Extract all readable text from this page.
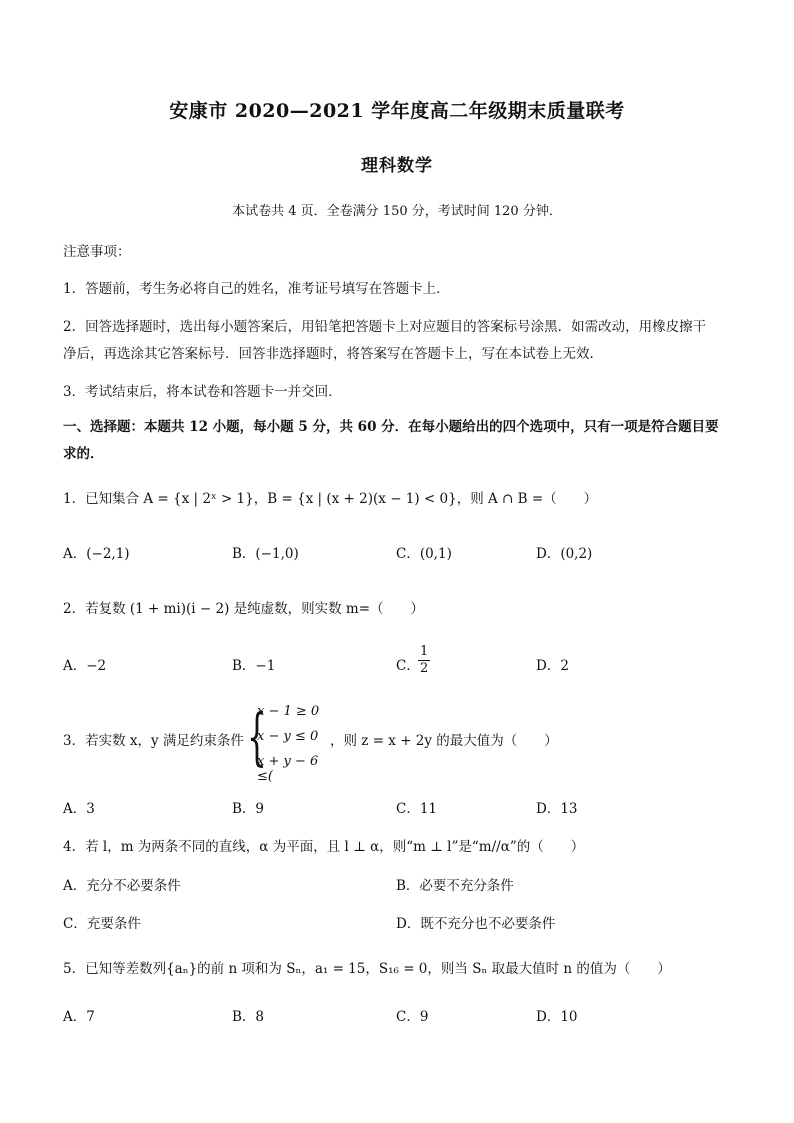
安康市 2020—2021 学年度高二年级期末质量联考
理科数学
本试卷共 4 页．全卷满分 150 分，考试时间 120 分钟．
注意事项：
1．答题前，考生务必将自己的姓名，准考证号填写在答题卡上．
2．回答选择题时，选出每小题答案后，用铅笔把答题卡上对应题目的答案标号涂黑．如需改动，用橡皮擦干
净后，再选涂其它答案标号．回答非选择题时，将答案写在答题卡上，写在本试卷上无效．
3．考试结束后，将本试卷和答题卡一并交回．
一、选择题：本题共 12 小题，每小题 5 分，共 60 分．在每小题给出的四个选项中，只有一项是符合题目要
求的．
1．已知集合 A = {x | 2ˣ > 1}，B = {x | (x + 2)(x − 1) < 0}，则 A ∩ B =（　　）
A．(−2,1)	B．(−1,0)	C．(0,1)	D．(0,2)
2．若复数 (1 + mi)(i − 2) 是纯虚数，则实数 m=（　　）
A．−2	B．−1	C．
$\frac{1}{2}$	D．2
3．若实数 x，y 满足约束条件 {
x − 1 ≥ 0
x − y ≤ 0
x + y − 6 ≤(
，则 z = x + 2y 的最大值为（　　）
A．3	B．9	C．11	D．13
4．若 l，m 为两条不同的直线，α 为平面，且 l ⊥ α，则“m ⊥ l”是“m//α”的（　　）
A．充分不必要条件	B．必要不充分条件
C．充要条件	D．既不充分也不必要条件
5．已知等差数列{aₙ}的前 n 项和为 Sₙ，a₁ = 15，S₁₆ = 0，则当 Sₙ 取最大值时 n 的值为（　　）
A．7	B．8	C．9	D．10
